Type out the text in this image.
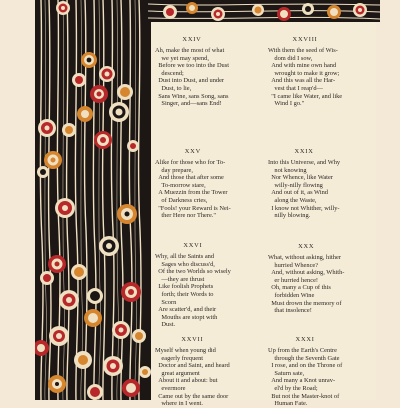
XXIV

Ah, make the most of what
we yet may spend,
Before we too into the Dust
descend;
Dust into Dust, and under
Dust, to lie,
Sans Wine, sans Song, sans
Singer, and—sans End!

XXV

Alike for those who for To-
day prepare,
And those that after some
To-morrow stare,
A Muezzin from the Tower
of Darkness cries,
"Fools! your Reward is Nei-
ther Here nor There."

XXVI

Why, all the Saints and
Sages who discuss'd,
Of the two Worlds so wisely
—they are thrust
Like foolish Prophets
forth; their Words to
Scorn
Are scatter'd, and their
Mouths are stopt with
Dust.

XXVII

Myself when young did
eagerly frequent
Doctor and Saint, and heard
great argument
About it and about: but
evermore
Came out by the same door
where in I went.

XXVIII

With them the seed of Wis-
dom did I sow,
And with mine own hand
wrought to make it grow;
And this was all the Har-
vest that I reap'd—
"I came like Water, and like
Wind I go."

XXIX

Into this Universe, and Why
not knowing
Nor Whence, like Water
willy-nilly flowing
And out of it, as Wind
along the Waste,
I know not Whither, willy-
nilly blowing.

XXX

What, without asking, hither
hurried Whence?
And, without asking, Whith-
er hurried hence!
Oh, many a Cup of this
forbidden Wine
Must drown the memory of
that insolence!

XXXI

Up from the Earth's Centre
through the Seventh Gate
I rose, and on the Throne of
Saturn sate,
And many a Knot unrav-
el'd by the Road;
But not the Master-knot of
Human Fate.
